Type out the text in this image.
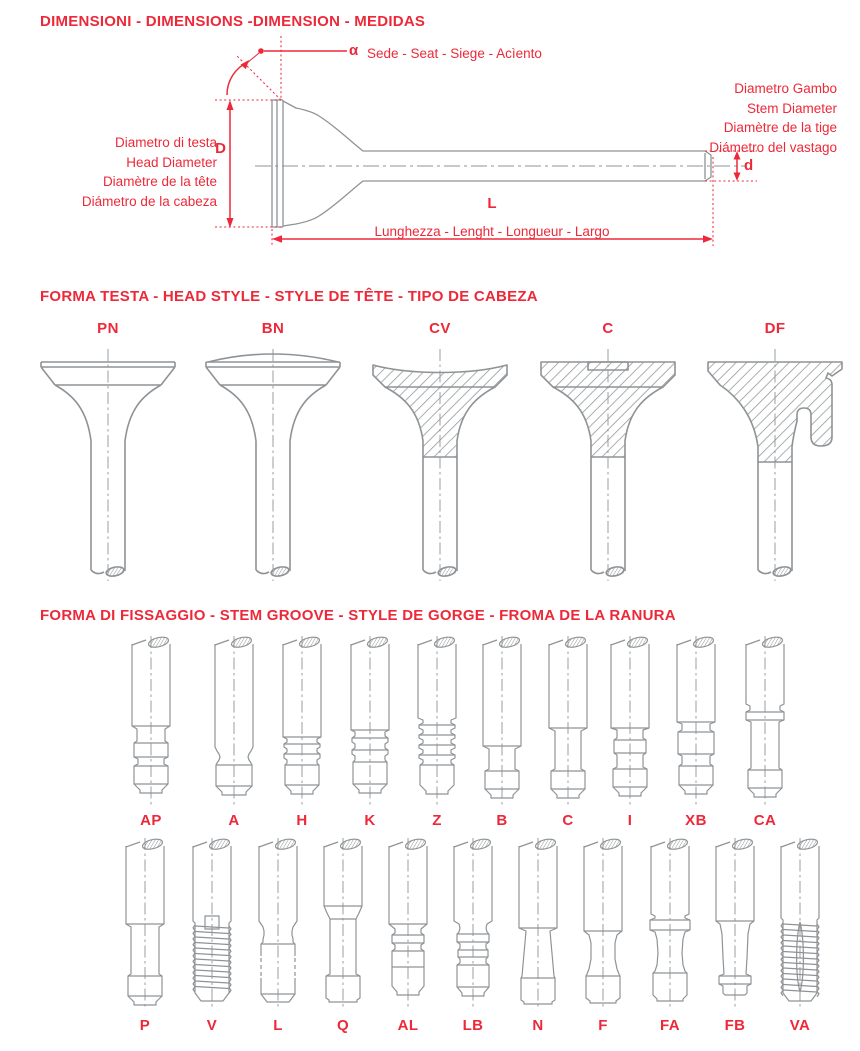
DIMENSIONI - DIMENSIONS -DIMENSION - MEDIDAS
α Sede - Seat - Siege - Acìento
Diametro di testa
Head Diameter
Diamètre de la tête
Diámetro de la cabeza
D
Diametro Gambo
Stem Diameter
Diamètre de la tige
Diámetro del vastago
d
L
Lunghezza - Lenght - Longueur - Largo
FORMA TESTA - HEAD STYLE - STYLE DE TÊTE - TIPO DE CABEZA
FORMA DI FISSAGGIO - STEM GROOVE - STYLE DE GORGE - FROMA DE LA RANURA
PN	BN	CV	C	DF
AP	A	H	K	Z	B	C	I	XB	CA
P	V	L	Q	AL	LB	N	F	FA	FB	VA
